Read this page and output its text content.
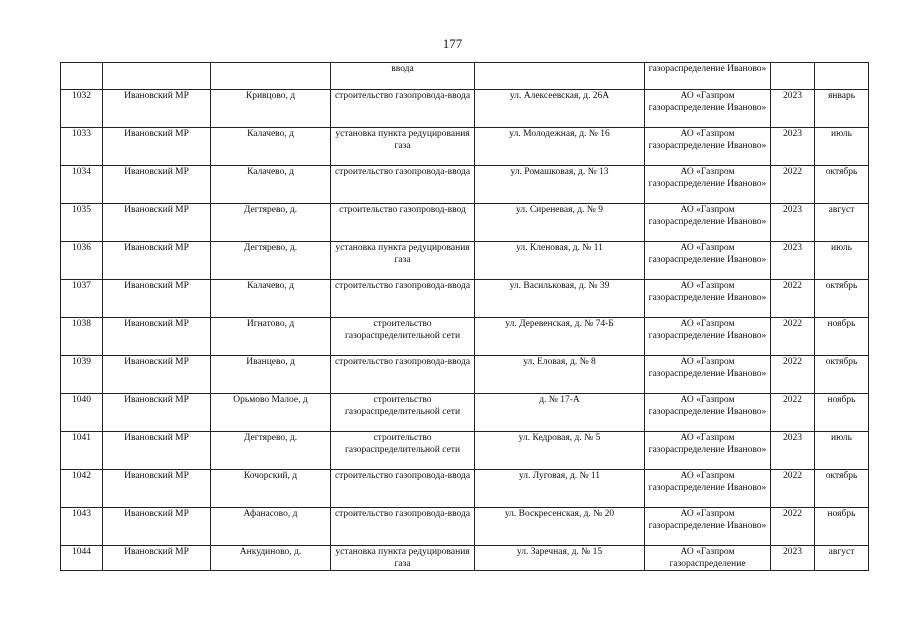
177
			ввода		газораспределение Иваново»		
1032	Ивановский МР	Кривцово, д	строительство газопровода-ввода	ул. Алексеевская, д. 26А	АО «Газпром газораспределение Иваново»	2023	январь
1033	Ивановский МР	Калачево, д	установка пункта редуцирования газа	ул. Молодежная, д. № 16	АО «Газпром газораспределение Иваново»	2023	июль
1034	Ивановский МР	Калачево, д	строительство газопровода-ввода	ул. Ромашковая, д. № 13	АО «Газпром газораспределение Иваново»	2022	октябрь
1035	Ивановский МР	Дегтярево, д.	строительство газопровод-ввод	ул. Сиреневая, д. № 9	АО «Газпром газораспределение Иваново»	2023	август
1036	Ивановский МР	Дегтярево, д.	установка пункта редуцирования газа	ул. Кленовая, д. № 11	АО «Газпром газораспределение Иваново»	2023	июль
1037	Ивановский МР	Калачево, д	строительство газопровода-ввода	ул. Васильковая, д. № 39	АО «Газпром газораспределение Иваново»	2022	октябрь
1038	Ивановский МР	Игнатово, д	строительство газораспределительной сети	ул. Деревенская, д. № 74-Б	АО «Газпром газораспределение Иваново»	2022	ноябрь
1039	Ивановский МР	Иванцево, д	строительство газопровода-ввода	ул. Еловая, д. № 8	АО «Газпром газораспределение Иваново»	2022	октябрь
1040	Ивановский МР	Орьмово Малое, д	строительство газораспределительной сети	д. № 17-А	АО «Газпром газораспределение Иваново»	2022	ноябрь
1041	Ивановский МР	Дегтярево, д.	строительство газораспределительной сети	ул. Кедровая, д. № 5	АО «Газпром газораспределение Иваново»	2023	июль
1042	Ивановский МР	Кочорский, д	строительство газопровода-ввода	ул. Луговая, д. № 11	АО «Газпром газораспределение Иваново»	2022	октябрь
1043	Ивановский МР	Афанасово, д	строительство газопровода-ввода	ул. Воскресенская, д. № 20	АО «Газпром газораспределение Иваново»	2022	ноябрь
1044	Ивановский МР	Анкудиново, д.	установка пункта редуцирования газа	ул. Заречная, д. № 15	АО «Газпром газораспределение	2023	август
